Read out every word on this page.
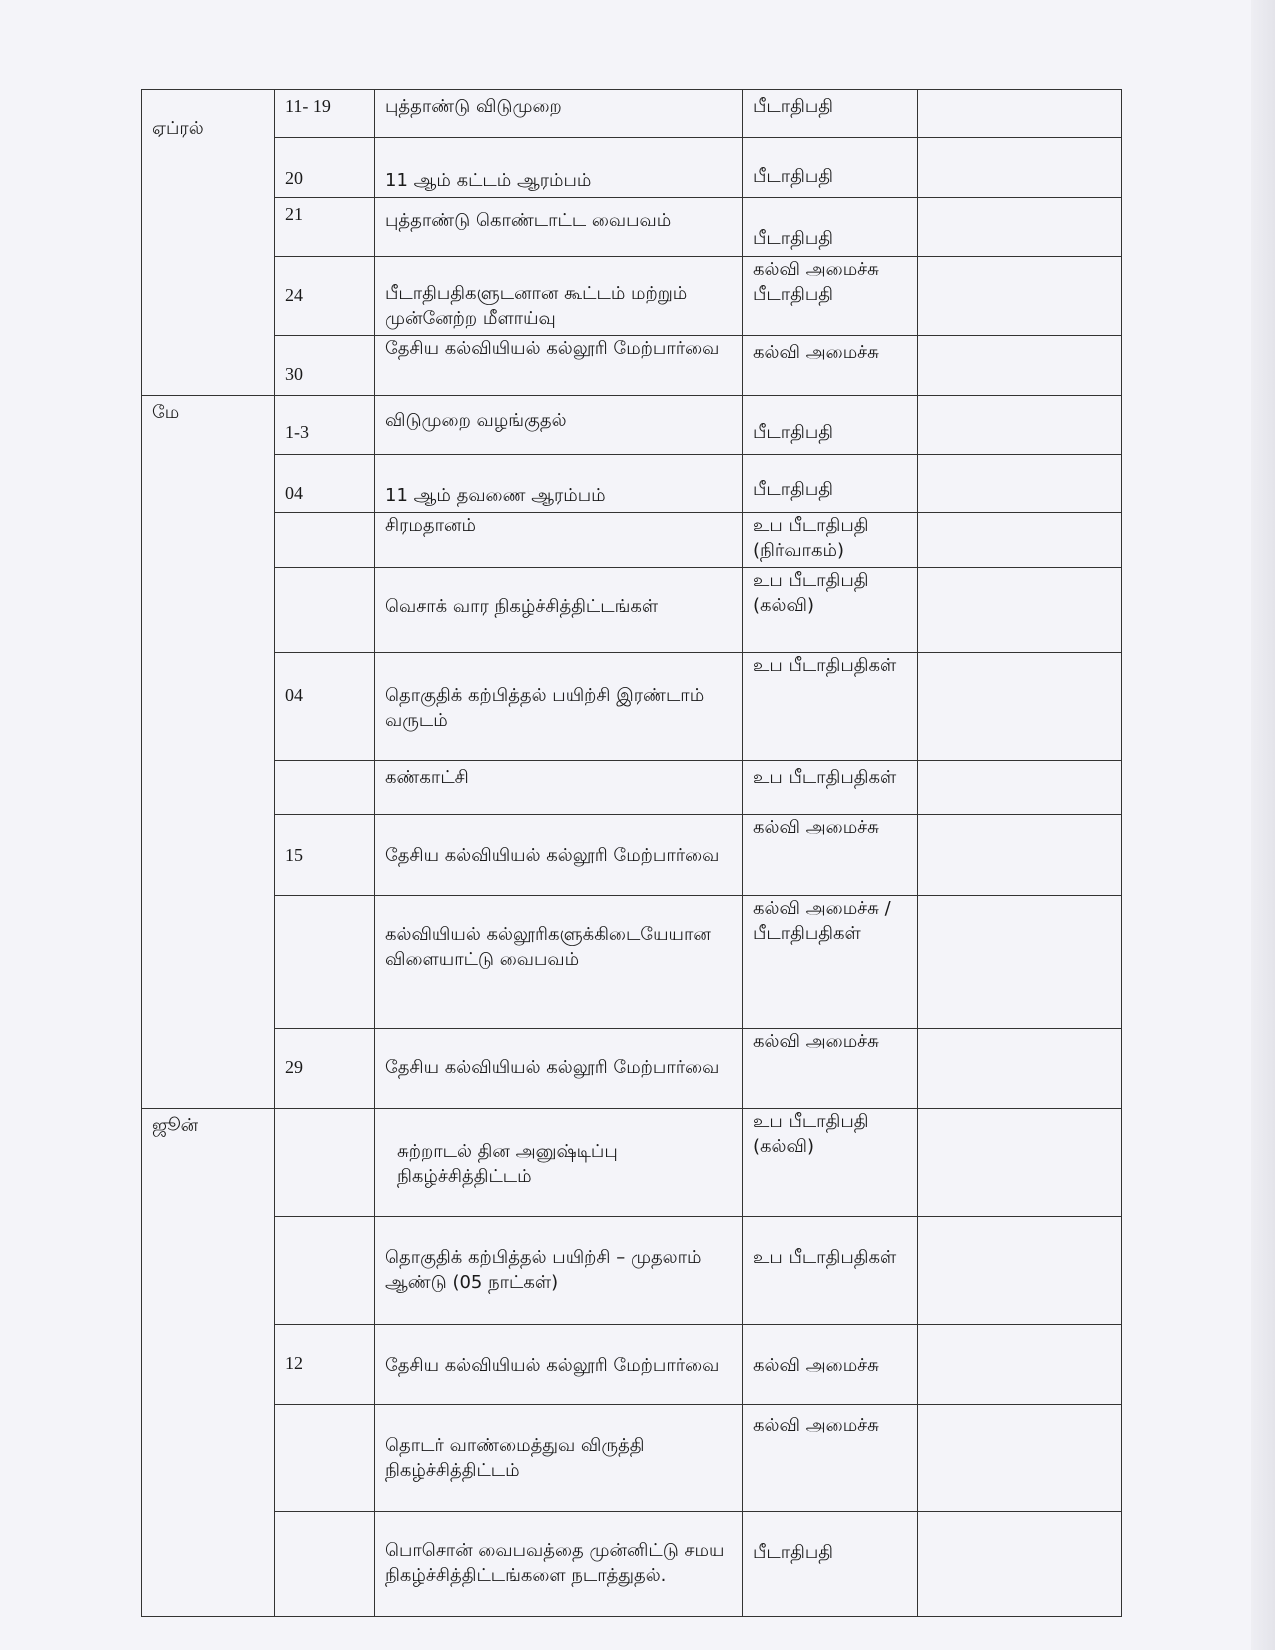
ஏப்ரல்	11- 19	புத்தாண்டு விடுமுறை	பீடாதிபதி	
	20	11 ஆம் கட்டம் ஆரம்பம்	பீடாதிபதி	
	21	புத்தாண்டு கொண்டாட்ட வைபவம்	பீடாதிபதி	
	24	பீடாதிபதிகளுடனான கூட்டம் மற்றும் முன்னேற்ற மீளாய்வு	கல்வி அமைச்சு பீடாதிபதி	
	30	தேசிய கல்வியியல் கல்லூரி மேற்பார்வை	கல்வி அமைச்சு	
மே	1-3	விடுமுறை வழங்குதல்	பீடாதிபதி	
	04	11 ஆம் தவணை ஆரம்பம்	பீடாதிபதி	
		சிரமதானம்	உப பீடாதிபதி (நிர்வாகம்)	
		வெசாக் வார நிகழ்ச்சித்திட்டங்கள்	உப பீடாதிபதி (கல்வி)	
	04	தொகுதிக் கற்பித்தல் பயிற்சி இரண்டாம் வருடம்	உப பீடாதிபதிகள்	
		கண்காட்சி	உப பீடாதிபதிகள்	
	15	தேசிய கல்வியியல் கல்லூரி மேற்பார்வை	கல்வி அமைச்சு	
		கல்வியியல் கல்லூரிகளுக்கிடையேயான விளையாட்டு வைபவம்	கல்வி அமைச்சு / பீடாதிபதிகள்	
	29	தேசிய கல்வியியல் கல்லூரி மேற்பார்வை	கல்வி அமைச்சு	
ஜூன்		சுற்றாடல் தின அனுஷ்டிப்பு நிகழ்ச்சித்திட்டம்	உப பீடாதிபதி (கல்வி)	
		தொகுதிக் கற்பித்தல் பயிற்சி – முதலாம் ஆண்டு (05 நாட்கள்)	உப பீடாதிபதிகள்	
	12	தேசிய கல்வியியல் கல்லூரி மேற்பார்வை	கல்வி அமைச்சு	
		தொடர் வாண்மைத்துவ விருத்தி நிகழ்ச்சித்திட்டம்	கல்வி அமைச்சு	
		பொசொன் வைபவத்தை முன்னிட்டு சமய நிகழ்ச்சித்திட்டங்களை நடாத்துதல்.	பீடாதிபதி	
